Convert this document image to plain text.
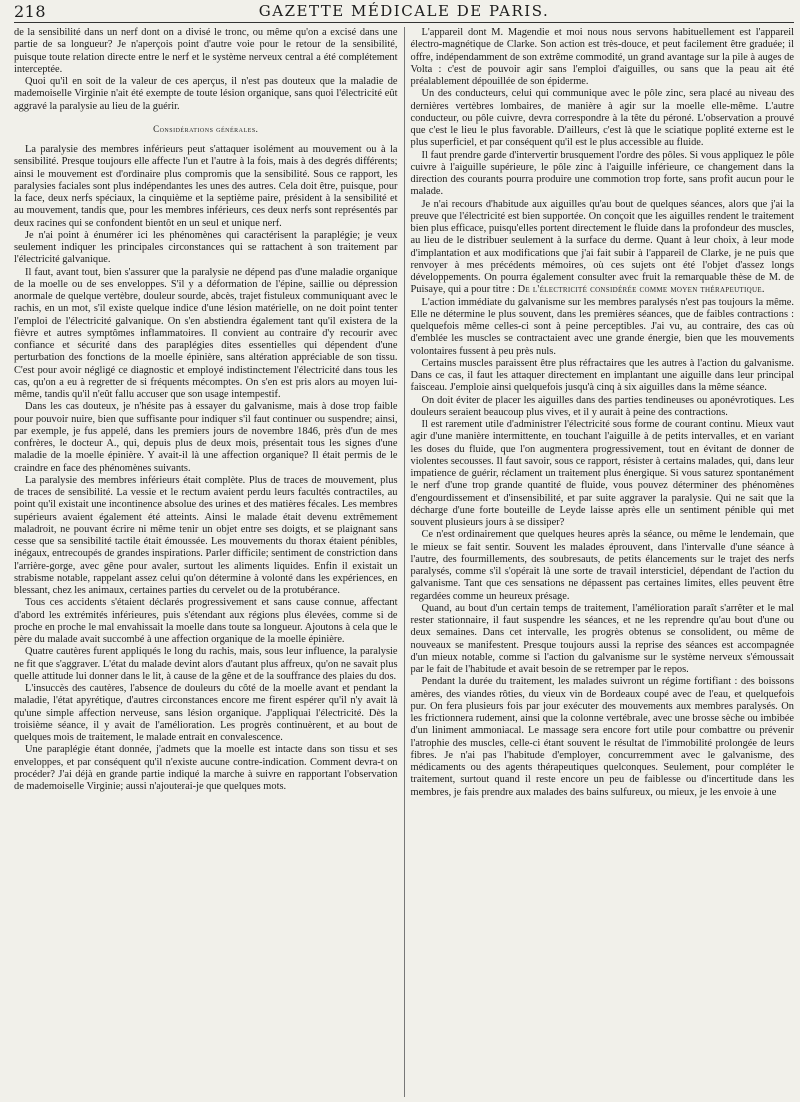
218	GAZETTE MÉDICALE DE PARIS.

de la sensibilité dans un nerf dont on a divisé le tronc, ou même qu'on a excisé dans une partie de sa longueur? Je n'aperçois point d'autre voie pour le retour de la sensibilité, puisque toute relation directe entre le nerf et le système nerveux central a été complétement interceptée.

Quoi qu'il en soit de la valeur de ces aperçus, il n'est pas douteux que la maladie de mademoiselle Virginie n'ait été exempte de toute lésion organique, sans quoi l'électricité eût aggravé la paralysie au lieu de la guérir.

Considérations générales.

La paralysie des membres inférieurs peut s'attaquer isolément au mouvement ou à la sensibilité. Presque toujours elle affecte l'un et l'autre à la fois, mais à des degrés différents; ainsi le mouvement est d'ordinaire plus compromis que la sensibilité. Sous ce rapport, les paralysies faciales sont plus indépendantes les unes des autres. Cela doit être, puisque, pour la face, deux nerfs spéciaux, la cinquième et la septième paire, président à la sensibilité et au mouvement, tandis que, pour les membres inférieurs, ces deux nerfs sont représentés par deux racines qui se confondent bientôt en un seul et unique nerf.

Je n'ai point à énumérer ici les phénomènes qui caractérisent la paraplégie; je veux seulement indiquer les principales circonstances qui se rattachent à son traitement par l'électricité galvanique.

Il faut, avant tout, bien s'assurer que la paralysie ne dépend pas d'une maladie organique de la moelle ou de ses enveloppes. S'il y a déformation de l'épine, saillie ou dépression anormale de quelque vertèbre, douleur sourde, abcès, trajet fistuleux communiquant avec le rachis, en un mot, s'il existe quelque indice d'une lésion matérielle, on ne doit point tenter l'emploi de l'électricité galvanique. On s'en abstiendra également tant qu'il existera de la fièvre et autres symptômes inflammatoires. Il convient au contraire d'y recourir avec confiance et sécurité dans des paraplégies dites essentielles qui dépendent d'une perturbation des fonctions de la moelle épinière, sans altération appréciable de son tissu. C'est pour avoir négligé ce diagnostic et employé indistinctement l'électricité dans tous les cas, qu'on a eu à regretter de si fréquents mécomptes. On s'en est pris alors au moyen lui-même, tandis qu'il n'eût fallu accuser que son usage intempestif.

Dans les cas douteux, je n'hésite pas à essayer du galvanisme, mais à dose trop faible pour pouvoir nuire, bien que suffisante pour indiquer s'il faut continuer ou suspendre; ainsi, par exemple, je fus appelé, dans les premiers jours de novembre 1846, près d'un de mes confrères, le docteur A., qui, depuis plus de deux mois, présentait tous les signes d'une maladie de la moelle épinière. Y avait-il là une affection organique? Il était permis de le craindre en face des phénomènes suivants.

La paralysie des membres inférieurs était complète. Plus de traces de mouvement, plus de traces de sensibilité. La vessie et le rectum avaient perdu leurs facultés contractiles, au point qu'il existait une incontinence absolue des urines et des matières fécales. Les membres supérieurs avaient également été atteints. Ainsi le malade était devenu extrêmement maladroit, ne pouvant écrire ni même tenir un objet entre ses doigts, et se plaignant sans cesse que sa sensibilité tactile était émoussée. Les mouvements du thorax étaient pénibles, inégaux, entrecoupés de grandes inspirations. Parler difficile; sentiment de constriction dans l'arrière-gorge, avec gêne pour avaler, surtout les aliments liquides. Enfin il existait un strabisme notable, rappelant assez celui qu'on détermine à volonté dans les expériences, en blessant, chez les animaux, certaines parties du cervelet ou de la protubérance.

Tous ces accidents s'étaient déclarés progressivement et sans cause connue, affectant d'abord les extrémités inférieures, puis s'étendant aux régions plus élevées, comme si de proche en proche le mal envahissait la moelle dans toute sa longueur. Ajoutons à cela que le père du malade avait succombé à une affection organique de la moelle épinière.

Quatre cautères furent appliqués le long du rachis, mais, sous leur influence, la paralysie ne fit que s'aggraver. L'état du malade devint alors d'autant plus affreux, qu'on ne savait plus quelle attitude lui donner dans le lit, à cause de la gêne et de la souffrance des plaies du dos.

L'insuccès des cautères, l'absence de douleurs du côté de la moelle avant et pendant la maladie, l'état apyrétique, d'autres circonstances encore me firent espérer qu'il n'y avait là qu'une simple affection nerveuse, sans lésion organique. J'appliquai l'électricité. Dès la troisième séance, il y avait de l'amélioration. Les progrès continuèrent, et au bout de quelques mois de traitement, le malade entrait en convalescence.

Une paraplégie étant donnée, j'admets que la moelle est intacte dans son tissu et ses enveloppes, et par conséquent qu'il n'existe aucune contre-indication. Comment devra-t on procéder? J'ai déjà en grande partie indiqué la marche à suivre en rapportant l'observation de mademoiselle Virginie; aussi n'ajouterai-je que quelques mots.

L'appareil dont M. Magendie et moi nous nous servons habituellement est l'appareil électro-magnétique de Clarke. Son action est très-douce, et peut facilement être graduée; il offre, indépendamment de son extrême commodité, un grand avantage sur la pile à auges de Volta : c'est de pouvoir agir sans l'emploi d'aiguilles, ou sans que la peau ait été préalablement dépouillée de son épiderme.

Un des conducteurs, celui qui communique avec le pôle zinc, sera placé au niveau des dernières vertèbres lombaires, de manière à agir sur la moelle elle-même. L'autre conducteur, ou pôle cuivre, devra correspondre à la tête du péroné. L'observation a prouvé que c'est le lieu le plus favorable. D'ailleurs, c'est là que le sciatique poplité externe est le plus superficiel, et par conséquent qu'il est le plus accessible au fluide.

Il faut prendre garde d'intervertir brusquement l'ordre des pôles. Si vous appliquez le pôle cuivre à l'aiguille supérieure, le pôle zinc à l'aiguille inférieure, ce changement dans la direction des courants pourra produire une commotion trop forte, sans profit aucun pour le malade.

Je n'ai recours d'habitude aux aiguilles qu'au bout de quelques séances, alors que j'ai la preuve que l'électricité est bien supportée. On conçoit que les aiguilles rendent le traitement bien plus efficace, puisqu'elles portent directement le fluide dans la profondeur des muscles, au lieu de le distribuer seulement à la surface du derme. Quant à leur choix, à leur mode d'implantation et aux modifications que j'ai fait subir à l'appareil de Clarke, je ne puis que renvoyer à mes précédents mémoires, où ces sujets ont été l'objet d'assez longs développements. On pourra également consulter avec fruit la remarquable thèse de M. de Puisaye, qui a pour titre : De l'électricité considérée comme moyen thérapeutique.

L'action immédiate du galvanisme sur les membres paralysés n'est pas toujours la même. Elle ne détermine le plus souvent, dans les premières séances, que de faibles contractions : quelquefois même celles-ci sont à peine perceptibles. J'ai vu, au contraire, des cas où d'emblée les muscles se contractaient avec une grande énergie, bien que les mouvements volontaires fussent à peu près nuls.

Certains muscles paraissent être plus réfractaires que les autres à l'action du galvanisme. Dans ce cas, il faut les attaquer directement en implantant une aiguille dans leur principal faisceau. J'emploie ainsi quelquefois jusqu'à cinq à six aiguilles dans la même séance.

On doit éviter de placer les aiguilles dans des parties tendineuses ou aponévrotiques. Les douleurs seraient beaucoup plus vives, et il y aurait à peine des contractions.

Il est rarement utile d'administrer l'électricité sous forme de courant continu. Mieux vaut agir d'une manière intermittente, en touchant l'aiguille à de petits intervalles, et en variant les doses du fluide, que l'on augmentera progressivement, tout en évitant de donner de violentes secousses. Il faut savoir, sous ce rapport, résister à certains malades, qui, dans leur impatience de guérir, réclament un traitement plus énergique. Si vous saturez spontanément le nerf d'une trop grande quantité de fluide, vous pouvez déterminer des phénomènes d'engourdissement et d'insensibilité, et par suite aggraver la paralysie. Qui ne sait que la décharge d'une forte bouteille de Leyde laisse après elle un sentiment pénible qui met souvent plusieurs jours à se dissiper?

Ce n'est ordinairement que quelques heures après la séance, ou même le lendemain, que le mieux se fait sentir. Souvent les malades éprouvent, dans l'intervalle d'une séance à l'autre, des fourmillements, des soubresauts, de petits élancements sur le trajet des nerfs paralysés, comme s'il s'opérait là une sorte de travail intersticiel, dépendant de l'action du galvanisme. Tant que ces sensations ne dépassent pas certaines limites, elles peuvent être regardées comme un heureux présage.

Quand, au bout d'un certain temps de traitement, l'amélioration paraît s'arrêter et le mal rester stationnaire, il faut suspendre les séances, et ne les reprendre qu'au bout d'une ou deux semaines. Dans cet intervalle, les progrès obtenus se consolident, ou même de nouveaux se manifestent. Presque toujours aussi la reprise des séances est accompagnée d'un mieux notable, comme si l'action du galvanisme sur le système nerveux s'émoussait par le fait de l'habitude et avait besoin de se retremper par le repos.

Pendant la durée du traitement, les malades suivront un régime fortifiant : des boissons amères, des viandes rôties, du vieux vin de Bordeaux coupé avec de l'eau, et quelquefois pur. On fera plusieurs fois par jour exécuter des mouvements aux membres paralysés. On les frictionnera rudement, ainsi que la colonne vertébrale, avec une brosse sèche ou imbibée d'un liniment ammoniacal. Le massage sera encore fort utile pour combattre ou prévenir l'atrophie des muscles, celle-ci étant souvent le résultat de l'immobilité prolongée de leurs fibres. Je n'ai pas l'habitude d'employer, concurremment avec le galvanisme, des médicaments ou des agents thérapeutiques quelconques. Seulement, pour compléter le traitement, surtout quand il reste encore un peu de faiblesse ou d'incertitude dans les membres, je fais prendre aux malades des bains sulfureux, ou mieux, je les envoie à une
